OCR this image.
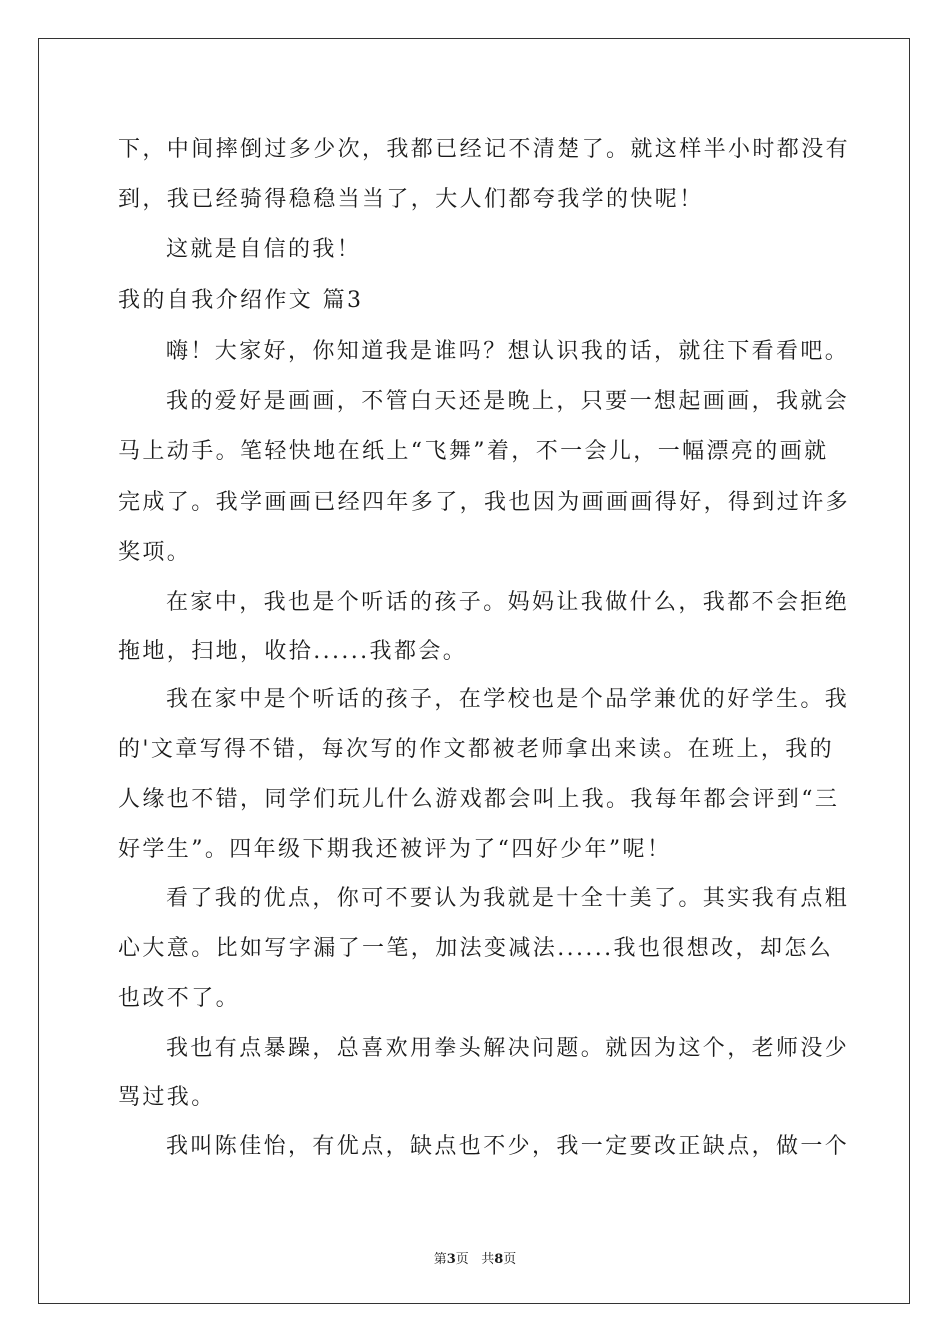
下，中间摔倒过多少次，我都已经记不清楚了。就这样半小时都没有

到，我已经骑得稳稳当当了，大人们都夸我学的快呢！

这就是自信的我！

我的自我介绍作文 篇3

嗨！大家好，你知道我是谁吗？想认识我的话，就往下看看吧。

我的爱好是画画，不管白天还是晚上，只要一想起画画，我就会

马上动手。笔轻快地在纸上“飞舞”着，不一会儿，一幅漂亮的画就

完成了。我学画画已经四年多了，我也因为画画画得好，得到过许多

奖项。

在家中，我也是个听话的孩子。妈妈让我做什么，我都不会拒绝

拖地，扫地，收拾......我都会。

我在家中是个听话的孩子，在学校也是个品学兼优的好学生。我

的'文章写得不错，每次写的作文都被老师拿出来读。在班上，我的

人缘也不错，同学们玩儿什么游戏都会叫上我。我每年都会评到“三

好学生”。四年级下期我还被评为了“四好少年”呢！

看了我的优点，你可不要认为我就是十全十美了。其实我有点粗

心大意。比如写字漏了一笔，加法变减法......我也很想改，却怎么

也改不了。

我也有点暴躁，总喜欢用拳头解决问题。就因为这个，老师没少

骂过我。

我叫陈佳怡，有优点，缺点也不少，我一定要改正缺点，做一个

第3页 共8页
